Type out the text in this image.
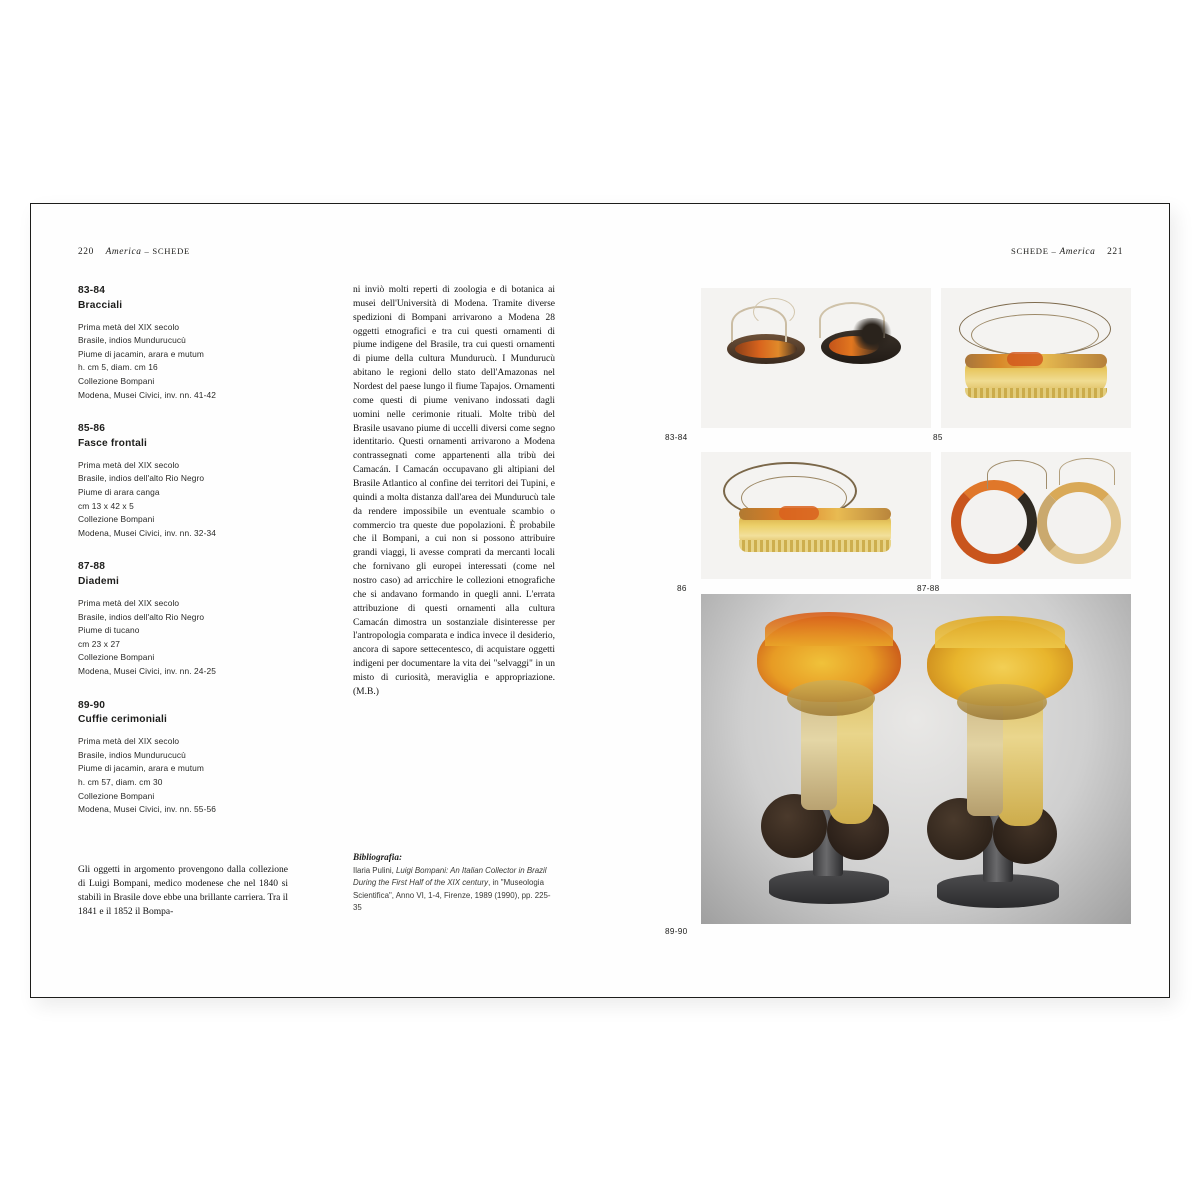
220 America – SCHEDE
83-84
Bracciali
Prima metà del XIX secolo
Brasile, indios Mundurucucù
Piume di jacamin, arara e mutum
h. cm 5, diam. cm 16
Collezione Bompani
Modena, Musei Civici, inv. nn. 41-42
85-86
Fasce frontali
Prima metà del XIX secolo
Brasile, indios dell'alto Rio Negro
Piume di arara canga
cm 13 x 42 x 5
Collezione Bompani
Modena, Musei Civici, inv. nn. 32-34
87-88
Diademi
Prima metà del XIX secolo
Brasile, indios dell'alto Rio Negro
Piume di tucano
cm 23 x 27
Collezione Bompani
Modena, Musei Civici, inv. nn. 24-25
89-90
Cuffie cerimoniali
Prima metà del XIX secolo
Brasile, indios Mundurucucù
Piume di jacamin, arara e mutum
h. cm 57, diam. cm 30
Collezione Bompani
Modena, Musei Civici, inv. nn. 55-56
Gli oggetti in argomento provengono dalla collezione di Luigi Bompani, medico modenese che nel 1840 si stabilì in Brasile dove ebbe una brillante carriera. Tra il 1841 e il 1852 il Bompa-
ni inviò molti reperti di zoologia e di botanica ai musei dell'Università di Modena. Tramite diverse spedizioni di Bompani arrivarono a Modena 28 oggetti etnografici e tra cui questi ornamenti di piume indigene del Brasile, tra cui questi ornamenti di piume della cultura Mundurucù. I Mundurucù abitano le regioni dello stato dell'Amazonas nel Nordest del paese lungo il fiume Tapajos. Ornamenti come questi di piume venivano indossati dagli uomini nelle cerimonie rituali. Molte tribù del Brasile usavano piume di uccelli diversi come segno identitario. Questi ornamenti arrivarono a Modena contrassegnati come appartenenti alla tribù dei Camacán. I Camacán occupavano gli altipiani del Brasile Atlantico al confine dei territori dei Tupini, e quindi a molta distanza dall'area dei Mundurucù tale da rendere impossibile un eventuale scambio o commercio tra queste due popolazioni. È probabile che il Bompani, a cui non si possono attribuire grandi viaggi, li avesse comprati da mercanti locali che fornivano gli europei interessati (come nel nostro caso) ad arricchire le collezioni etnografiche che si andavano formando in quegli anni. L'errata attribuzione di questi ornamenti alla cultura Camacán dimostra un sostanziale disinteresse per l'antropologia comparata e indica invece il desiderio, ancora di sapore settecentesco, di acquistare oggetti indigeni per documentare la vita dei "selvaggi" in un misto di curiosità, meraviglia e appropriazione. (M.B.)
Bibliografia:
Ilaria Pulini, Luigi Bompani: An Italian Collector in Brazil During the First Half of the XIX century, in "Museologia Scientifica", Anno VI, 1-4, Firenze, 1989 (1990), pp. 225-35
SCHEDE – America 221
83-84	85
86	87-88
89-90
